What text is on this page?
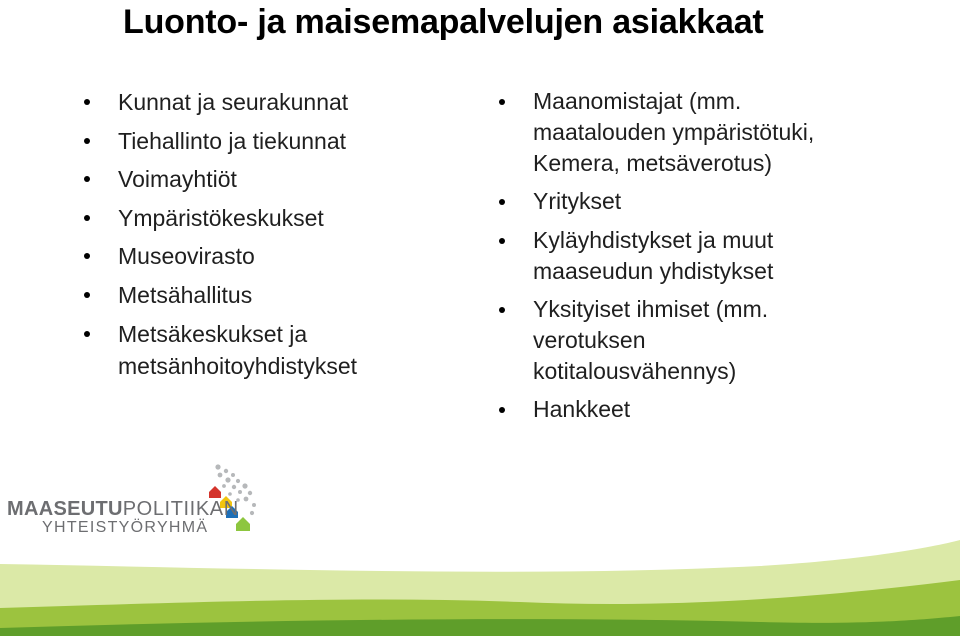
Luonto- ja maisemapalvelujen asiakkaat
Kunnat ja seurakunnat
Tiehallinto ja tiekunnat
Voimayhtiöt
Ympäristökeskukset
Museovirasto
Metsähallitus
Metsäkeskukset ja metsänhoitoyhdistykset
Maanomistajat (mm. maatalouden ympäristötuki, Kemera, metsäverotus)
Yritykset
Kyläyhdistykset ja muut maaseudun yhdistykset
Yksityiset ihmiset (mm. verotuksen kotitalousvähennys)
Hankkeet
MAASEUTUPOLITIIKAN
YHTEISTYÖRYHMÄ
